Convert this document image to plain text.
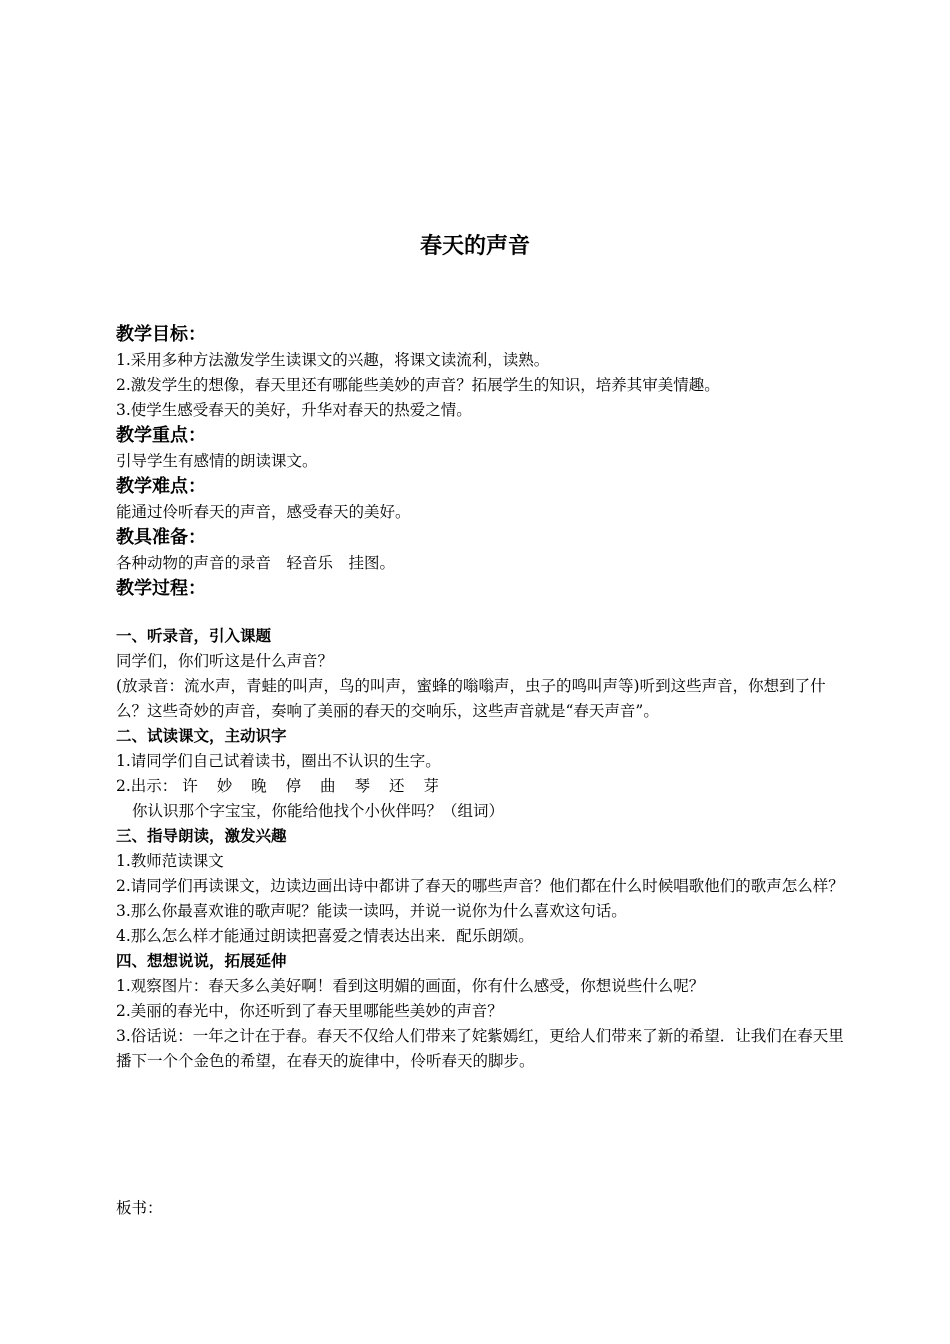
春天的声音
教学目标：
1.采用多种方法激发学生读课文的兴趣，将课文读流利，读熟。
2.激发学生的想像，春天里还有哪能些美妙的声音？拓展学生的知识，培养其审美情趣。
3.使学生感受春天的美好，升华对春天的热爱之情。
教学重点：
引导学生有感情的朗读课文。
教学难点：
能通过伶听春天的声音，感受春天的美好。
教具准备：
各种动物的声音的录音　轻音乐　挂图。
教学过程：
一、听录音，引入课题
同学们，你们听这是什么声音？
(放录音：流水声，青蛙的叫声，鸟的叫声，蜜蜂的嗡嗡声，虫子的鸣叫声等)听到这些声音，你想到了什么？这些奇妙的声音，奏响了美丽的春天的交响乐，这些声音就是“春天声音”。
二、试读课文，主动识字
1.请同学们自己试着读书，圈出不认识的生字。
2.出示： 许 妙 晚 停 曲 琴 还 芽
你认识那个字宝宝，你能给他找个小伙伴吗？（组词）
三、指导朗读，激发兴趣
1.教师范读课文
2.请同学们再读课文，边读边画出诗中都讲了春天的哪些声音？他们都在什么时候唱歌他们的歌声怎么样？
3.那么你最喜欢谁的歌声呢？能读一读吗，并说一说你为什么喜欢这句话。
4.那么怎么样才能通过朗读把喜爱之情表达出来．配乐朗颂。
四、想想说说，拓展延伸
1.观察图片：春天多么美好啊！看到这明媚的画面，你有什么感受，你想说些什么呢？
2.美丽的春光中，你还听到了春天里哪能些美妙的声音？
3.俗话说：一年之计在于春。春天不仅给人们带来了姹紫嫣红，更给人们带来了新的希望．让我们在春天里播下一个个金色的希望，在春天的旋律中，伶听春天的脚步。
板书：
